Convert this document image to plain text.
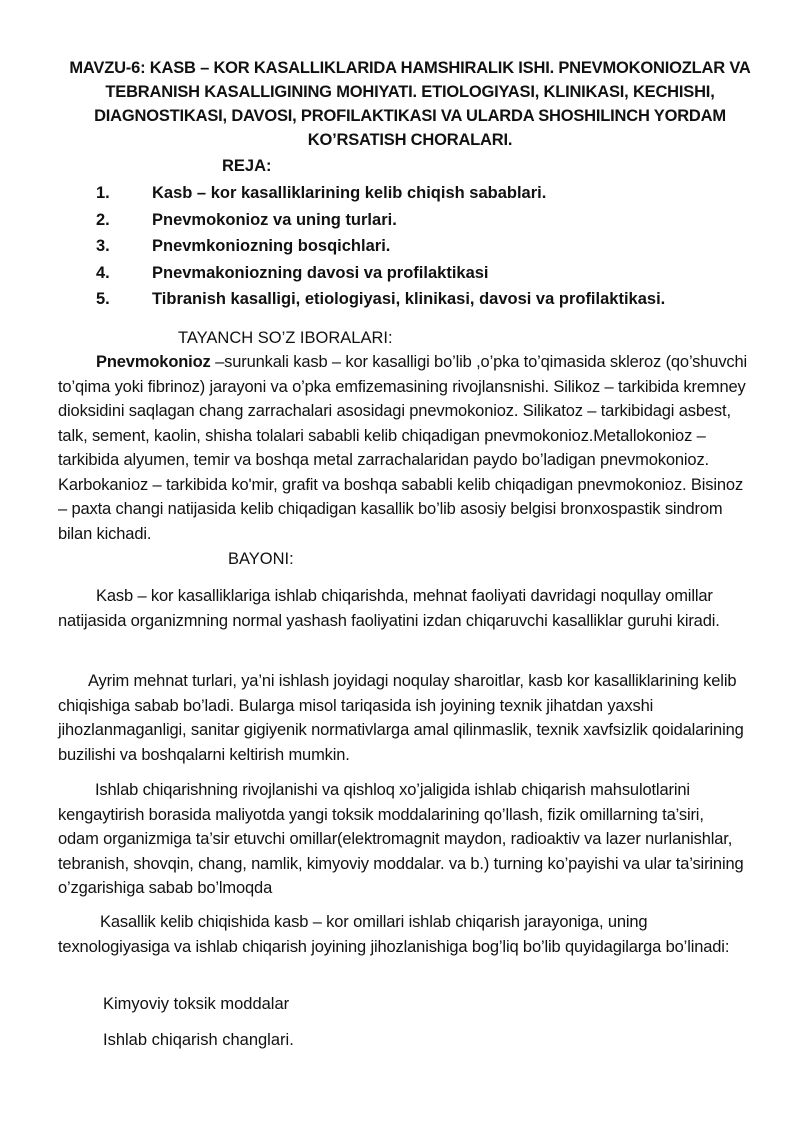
MAVZU-6: KASB – KOR KASALLIKLARIDA HAMSHIRALIK ISHI. PNEVMOKONIOZLAR VA TEBRANISH KASALLIGINING MOHIYATI. ETIOLOGIYASI, KLINIKASI, KECHISHI, DIAGNOSTIKASI, DAVOSI, PROFILAKTIKASI VA ULARDA SHOSHILINCH YORDAM KO’RSATISH CHORALARI.
REJA:
1.	Kasb – kor kasalliklarining kelib chiqish sabablari.
2.	Pnevmokonioz va uning turlari.
3.	Pnevmkoniozning bosqichlari.
4.	Pnevmakoniozning davosi va profilaktikasi
5.	Tibranish kasalligi, etiologiyasi, klinikasi, davosi va profilaktikasi.
TAYANCH SO’Z IBORALARI:

Pnevmokonioz –surunkali kasb – kor kasalligi bo’lib ,o’pka to’qimasida skleroz (qo’shuvchi to’qima yoki fibrinoz) jarayoni va o’pka emfizemasining rivojlansnishi. Silikoz – tarkibida kremney dioksidini saqlagan chang zarrachalari asosidagi pnevmokonioz. Silikatoz – tarkibidagi asbest, talk, sement, kaolin, shisha tolalari sababli kelib chiqadigan pnevmokonioz.Metallokonioz – tarkibida alyumen, temir va boshqa metal zarrachalaridan paydo bo’ladigan pnevmokonioz. Karbokanioz – tarkibida ko'mir, grafit va boshqa sababli kelib chiqadigan pnevmokonioz. Bisinoz – paxta changi natijasida kelib chiqadigan kasallik bo’lib asosiy belgisi bronxospastik sindrom bilan kichadi.

BAYONI:

Kasb – kor kasalliklariga ishlab chiqarishda, mehnat faoliyati davridagi noqullay omillar natijasida organizmning normal yashash faoliyatini izdan chiqaruvchi kasalliklar guruhi kiradi.

Ayrim mehnat turlari, ya’ni ishlash joyidagi noqulay sharoitlar, kasb kor kasalliklarining kelib chiqishiga sabab bo’ladi. Bularga misol tariqasida ish joyining texnik jihatdan yaxshi jihozlanmaganligi, sanitar gigiyenik normativlarga amal qilinmaslik, texnik xavfsizlik qoidalarining buzilishi va boshqalarni keltirish mumkin.

Ishlab chiqarishning rivojlanishi va qishloq xo’jaligida ishlab chiqarish mahsulotlarini kengaytirish borasida maliyotda yangi toksik moddalarining qo’llash, fizik omillarning ta’siri, odam organizmiga ta’sir etuvchi omillar(elektromagnit maydon, radioaktiv va lazer nurlanishlar, tebranish, shovqin, chang, namlik, kimyoviy moddalar. va b.) turning ko’payishi va ular ta’sirining o’zgarishiga sabab bo’lmoqda

Kasallik kelib chiqishida kasb – kor omillari ishlab chiqarish jarayoniga, uning texnologiyasiga va ishlab chiqarish joyining jihozlanishiga bog’liq bo’lib quyidagilarga bo’linadi:

Kimyoviy toksik moddalar
Ishlab chiqarish changlari.
